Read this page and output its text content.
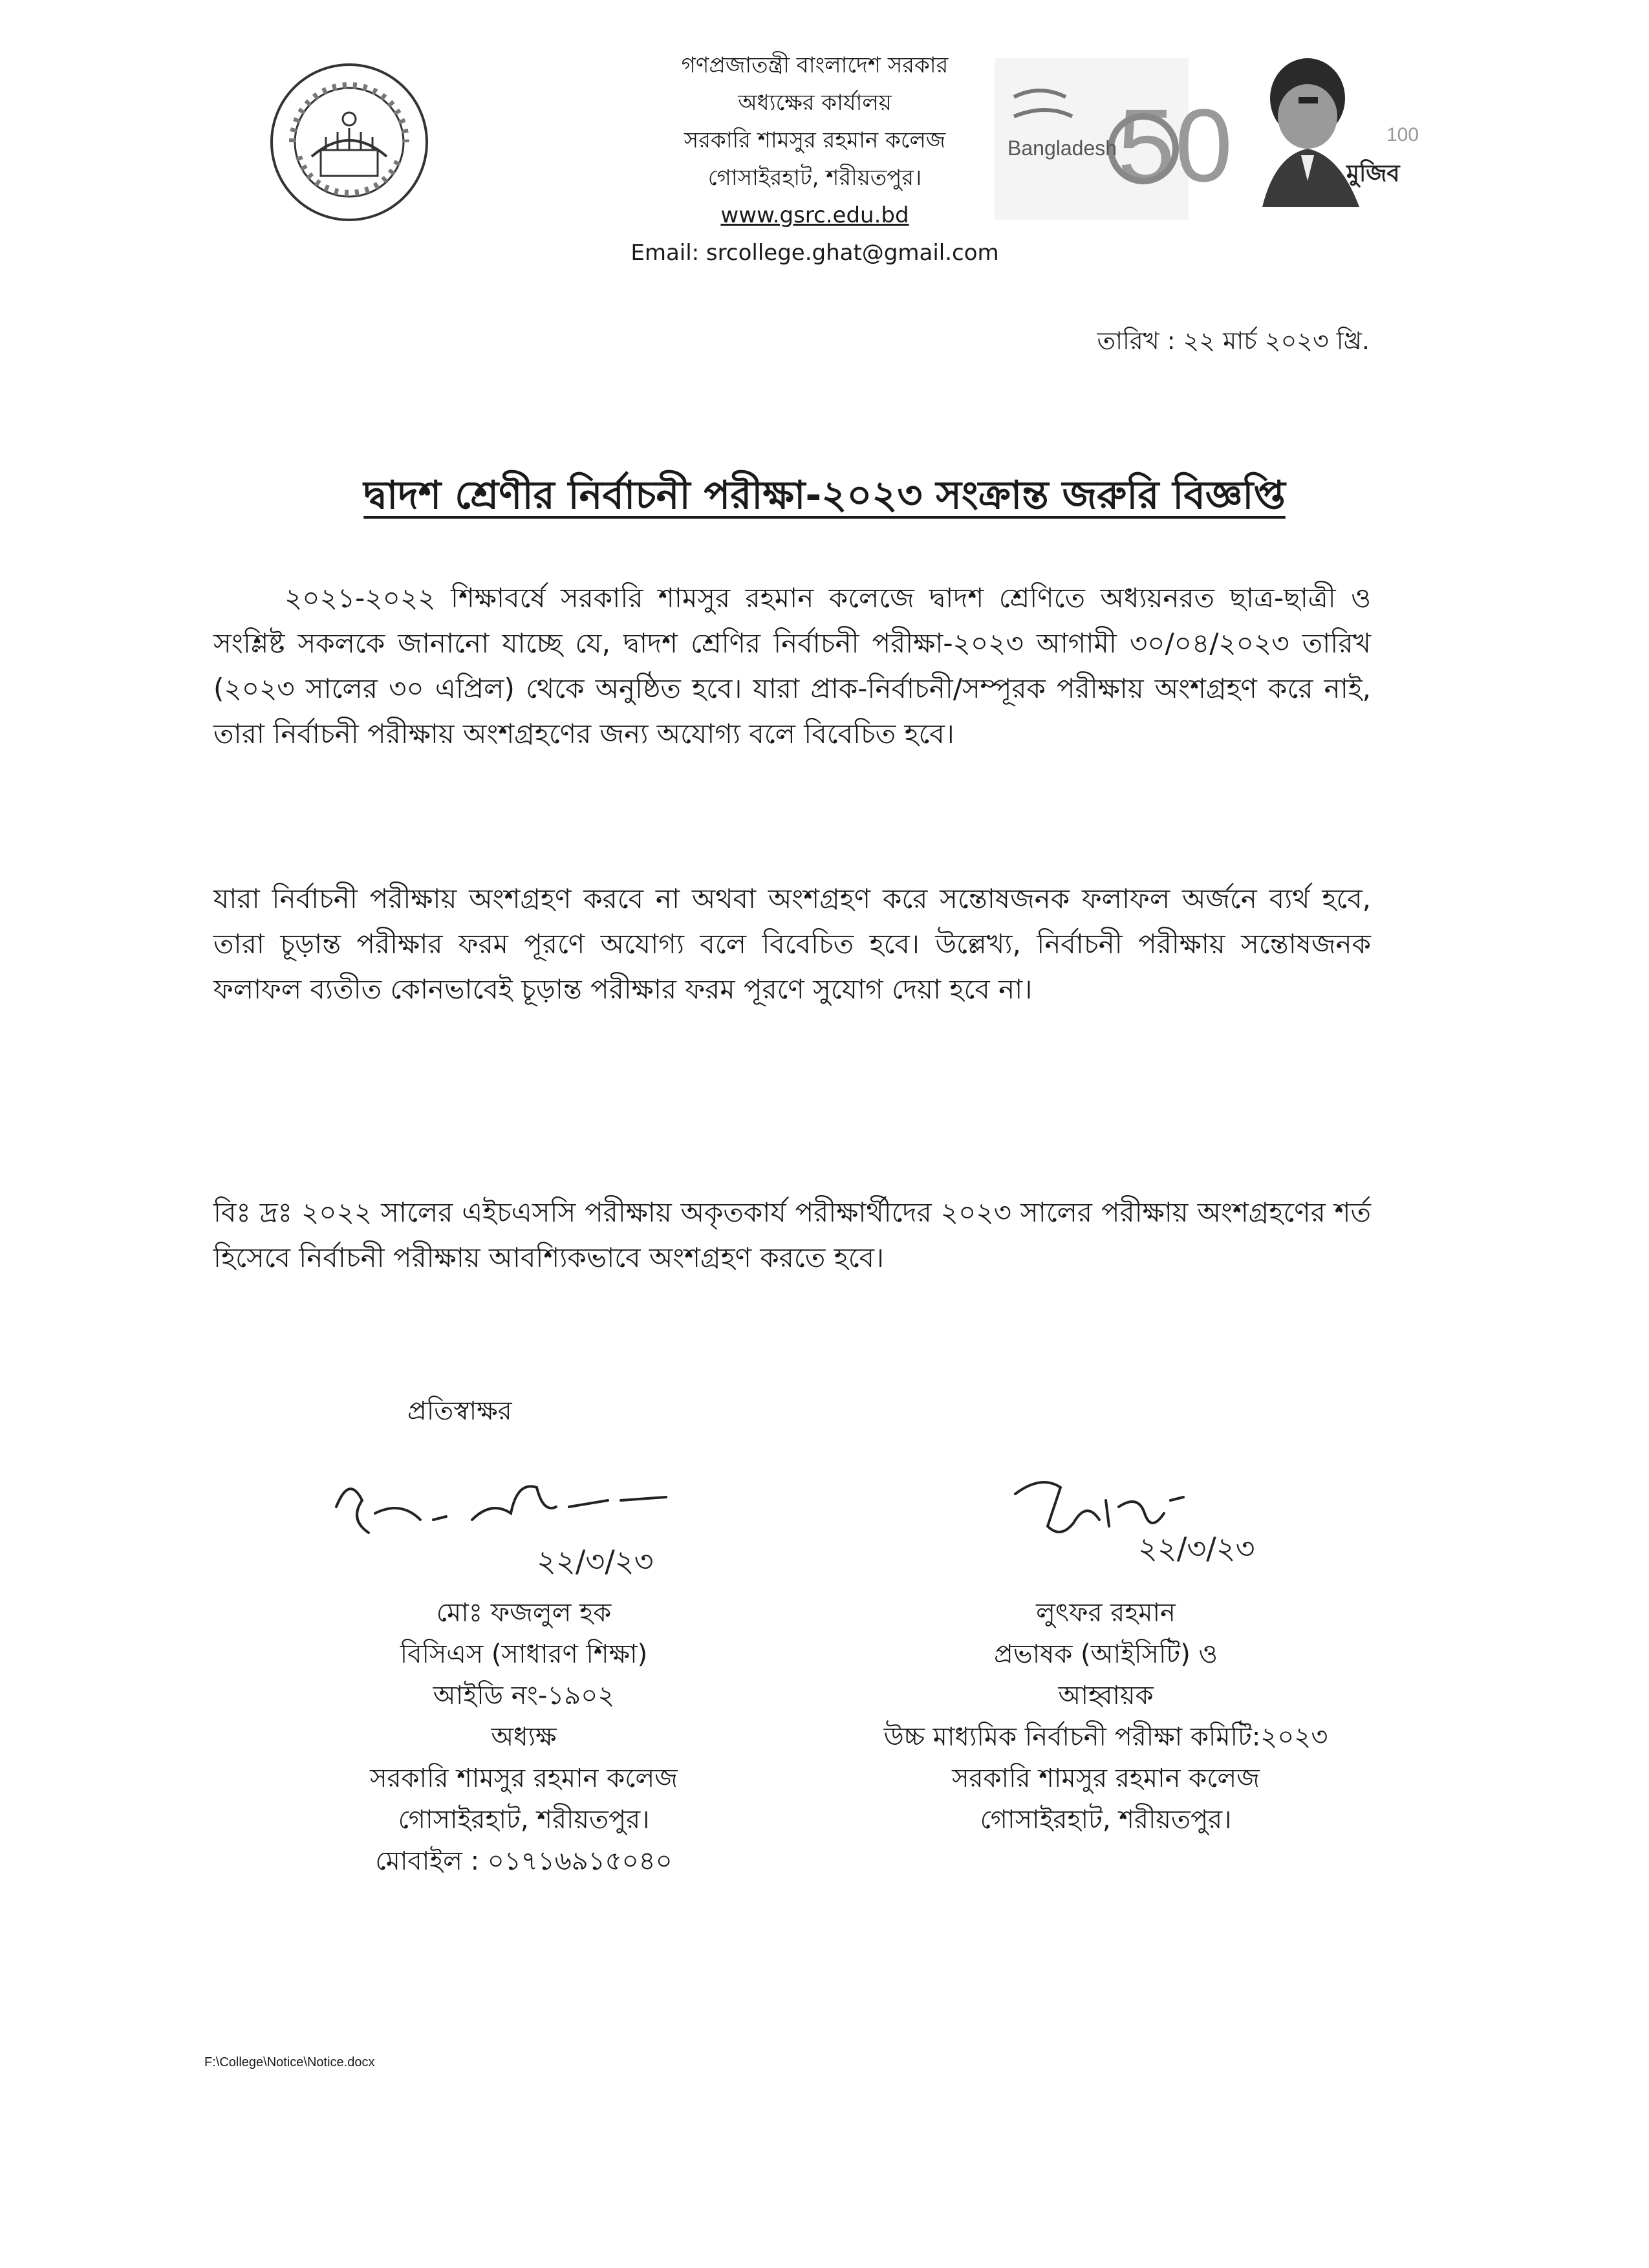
গণপ্রজাতন্ত্রী বাংলাদেশ সরকার
অধ্যক্ষের কার্যালয়
সরকারি শামসুর রহমান কলেজ
গোসাইরহাট, শরীয়তপুর।
www.gsrc.edu.bd
Email: srcollege.ghat@gmail.com
50
Bangladesh
মুজিব
100
তারিখ : ২২ মার্চ ২০২৩ খ্রি.
দ্বাদশ শ্রেণীর নির্বাচনী পরীক্ষা-২০২৩ সংক্রান্ত জরুরি বিজ্ঞপ্তি
২০২১-২০২২ শিক্ষাবর্ষে সরকারি শামসুর রহমান কলেজে দ্বাদশ শ্রেণিতে অধ্যয়নরত ছাত্র-ছাত্রী ও সংশ্লিষ্ট সকলকে জানানো যাচ্ছে যে, দ্বাদশ শ্রেণির নির্বাচনী পরীক্ষা-২০২৩ আগামী ৩০/০৪/২০২৩ তারিখ (২০২৩ সালের ৩০ এপ্রিল) থেকে অনুষ্ঠিত হবে। যারা প্রাক-নির্বাচনী/সম্পূরক পরীক্ষায় অংশগ্রহণ করে নাই, তারা নির্বাচনী পরীক্ষায় অংশগ্রহণের জন্য অযোগ্য বলে বিবেচিত হবে।
যারা নির্বাচনী পরীক্ষায় অংশগ্রহণ করবে না অথবা অংশগ্রহণ করে সন্তোষজনক ফলাফল অর্জনে ব্যর্থ হবে, তারা চূড়ান্ত পরীক্ষার ফরম পূরণে অযোগ্য বলে বিবেচিত হবে। উল্লেখ্য, নির্বাচনী পরীক্ষায় সন্তোষজনক ফলাফল ব্যতীত কোনভাবেই চূড়ান্ত পরীক্ষার ফরম পূরণে সুযোগ দেয়া হবে না।
বিঃ দ্রঃ ২০২২ সালের এইচএসসি পরীক্ষায় অকৃতকার্য পরীক্ষার্থীদের ২০২৩ সালের পরীক্ষায় অংশগ্রহণের শর্ত হিসেবে নির্বাচনী পরীক্ষায় আবশ্যিকভাবে অংশগ্রহণ করতে হবে।
প্রতিস্বাক্ষর
২২/৩/২৩	২২/৩/২৩
মোঃ ফজলুল হক
বিসিএস (সাধারণ শিক্ষা)
আইডি নং-১৯০২
অধ্যক্ষ
সরকারি শামসুর রহমান কলেজ
গোসাইরহাট, শরীয়তপুর।
মোবাইল : ০১৭১৬৯১৫০৪০
লুৎফর রহমান
প্রভাষক (আইসিটি) ও
আহ্বায়ক
উচ্চ মাধ্যমিক নির্বাচনী পরীক্ষা কমিটি:২০২৩
সরকারি শামসুর রহমান কলেজ
গোসাইরহাট, শরীয়তপুর।
F:\College\Notice\Notice.docx
